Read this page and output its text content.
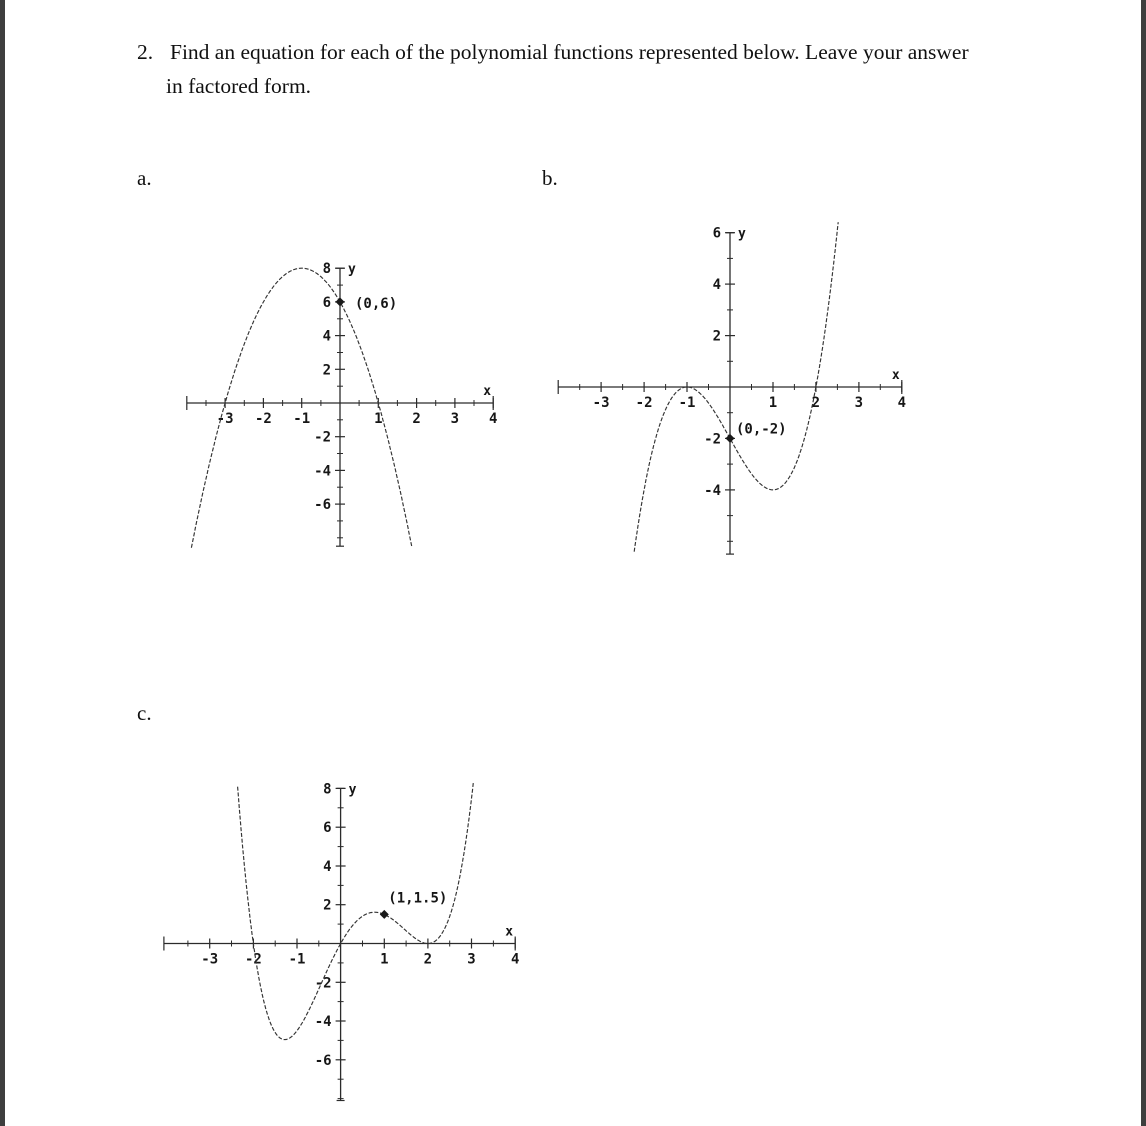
2. Find an equation for each of the polynomial functions represented below. Leave your answer
in factored form.
a.	b.
c.
-3 -2 -1	1 2 3 4
x
8
6
4
2
-2
-4
-6
y
(0,6)
-3 -2 -1	1 2 3 4
x
6
4
2
-2
-4
y
(0,-2)
-3 -2 -1	1	2	3	4
x
8
6
4
2
-2
-4
-6
y
(1,1.5)
